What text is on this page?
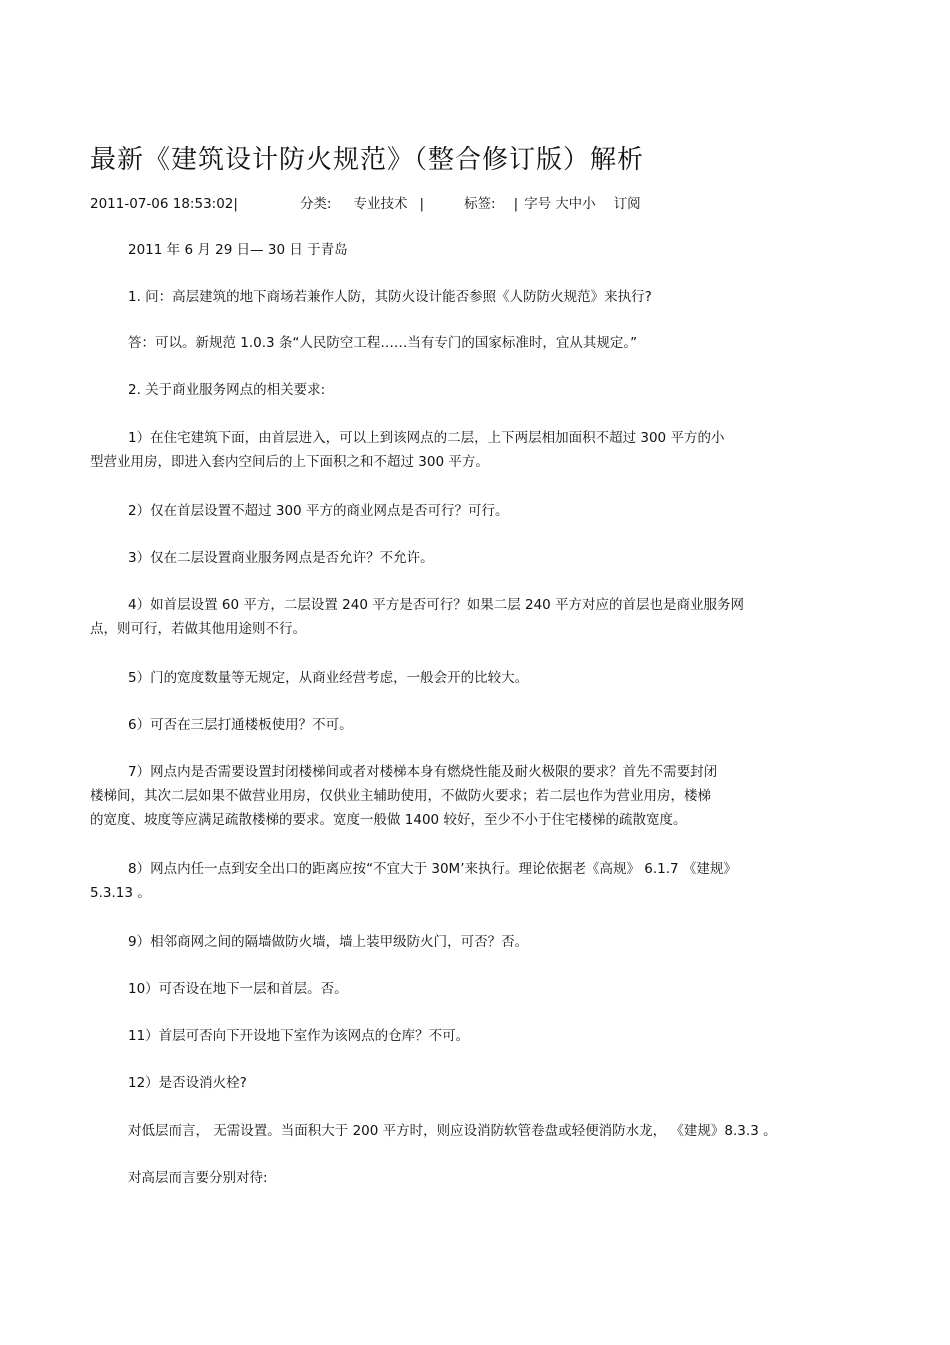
最新《建筑设计防火规范》（整合修订版）解析
2011-07-06 18:53:02|	分类: 专业技术 |	标签: | 字号 大中小 订阅

2011 年 6 月 29 日— 30 日 于青岛

1. 问：高层建筑的地下商场若兼作人防，其防火设计能否参照《人防防火规范》来执行?

答：可以。新规范 1.0.3 条“人民防空工程……当有专门的国家标准时，宜从其规定。”

2. 关于商业服务网点的相关要求:

1）在住宅建筑下面，由首层进入，可以上到该网点的二层，上下两层相加面积不超过 300 平方的小
型营业用房，即进入套内空间后的上下面积之和不超过 300 平方。

2）仅在首层设置不超过 300 平方的商业网点是否可行？可行。

3）仅在二层设置商业服务网点是否允许？不允许。

4）如首层设置 60 平方，二层设置 240 平方是否可行？如果二层 240 平方对应的首层也是商业服务网
点，则可行，若做其他用途则不行。

5）门的宽度数量等无规定，从商业经营考虑，一般会开的比较大。

6）可否在三层打通楼板使用？不可。

7）网点内是否需要设置封闭楼梯间或者对楼梯本身有燃烧性能及耐火极限的要求？首先不需要封闭
楼梯间，其次二层如果不做营业用房，仅供业主辅助使用，不做防火要求；若二层也作为营业用房，楼梯
的宽度、坡度等应满足疏散楼梯的要求。宽度一般做 1400 较好，至少不小于住宅楼梯的疏散宽度。

8）网点内任一点到安全出口的距离应按“不宜大于 30M’来执行。理论依据老《高规》 6.1.7 《建规》
5.3.13 。

9）相邻商网之间的隔墙做防火墙，墙上装甲级防火门，可否？否。

10）可否设在地下一层和首层。否。

11）首层可否向下开设地下室作为该网点的仓库？不可。

12）是否设消火栓?

对低层而言， 无需设置。当面积大于 200 平方时，则应设消防软管卷盘或轻便消防水龙， 《建规》8.3.3 。

对高层而言要分别对待:
